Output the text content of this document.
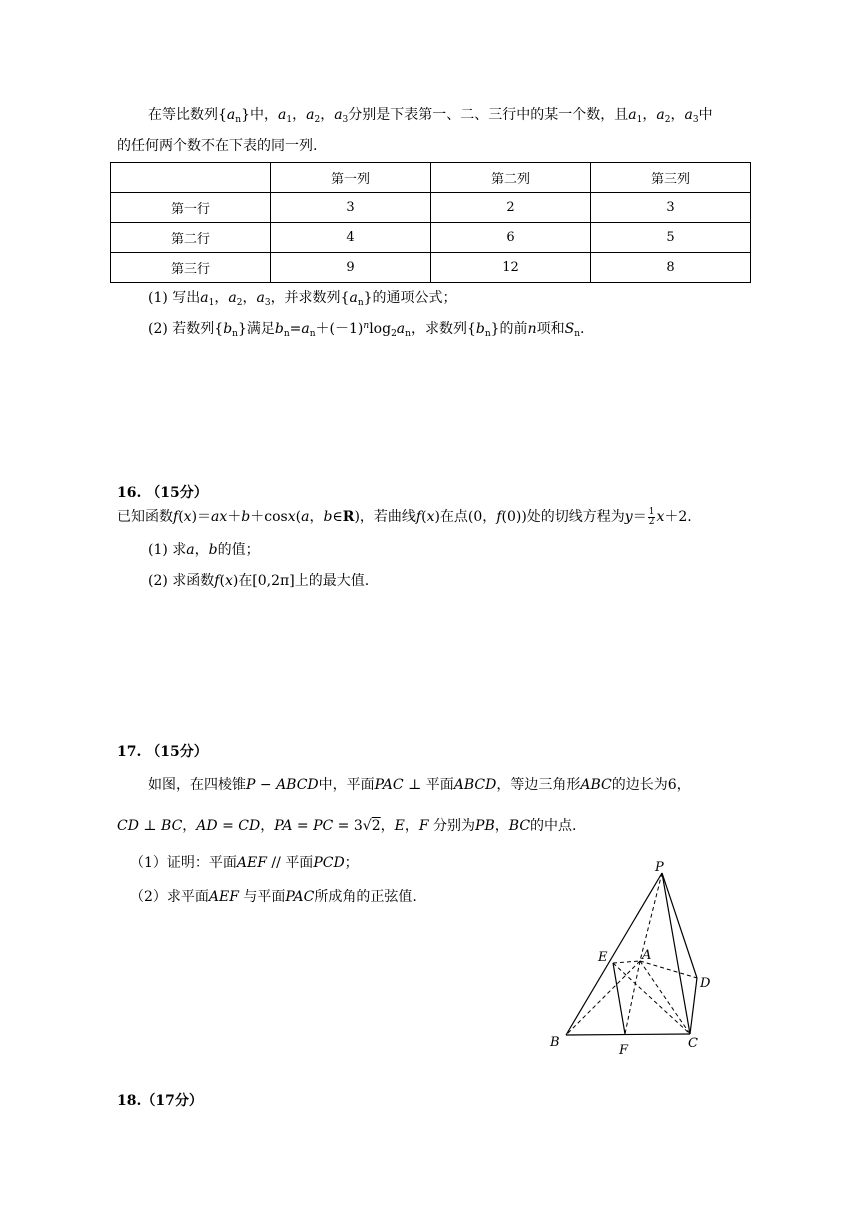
在等比数列$\{a_n\}$中，$a_1$，$a_2$，$a_3$分别是下表第一、二、三行中的某一个数，且$a_1$，$a_2$，$a_3$中
的任何两个数不在下表的同一列.
	第一列	第二列	第三列
第一行	3	2	3
第二行	4	6	5
第三行	9	12	8
(1) 写出$a_1$，$a_2$，$a_3$，并求数列$\{a_n\}$的通项公式；
(2) 若数列$\{b_n\}$满足$b_n=a_n+(-1)^n\log_2a_n$，求数列$\{b_n\}$的前n项和$S_n$.
16. （15分）
已知函数f(x)＝ax＋b＋cosx(a，b∈R)，若曲线f(x)在点(0，f(0))处的切线方程为$y= \frac{1}{2} x+2$.
(1) 求a，b的值；
(2) 求函数f(x)在[0,2π]上的最大值.
17. （15分）
如图，在四棱锥P − ABCD中，平面PAC ⊥ 平面ABCD，等边三角形ABC的边长为6，
CD ⊥ BC，AD = CD，PA = PC = 3√2，E，F 分别为PB，BC的中点.
（1）证明：平面AEF // 平面PCD；
（2）求平面AEF 与平面PAC所成角的正弦值.
P
E	A
D
B
F	C
18.（17分）
